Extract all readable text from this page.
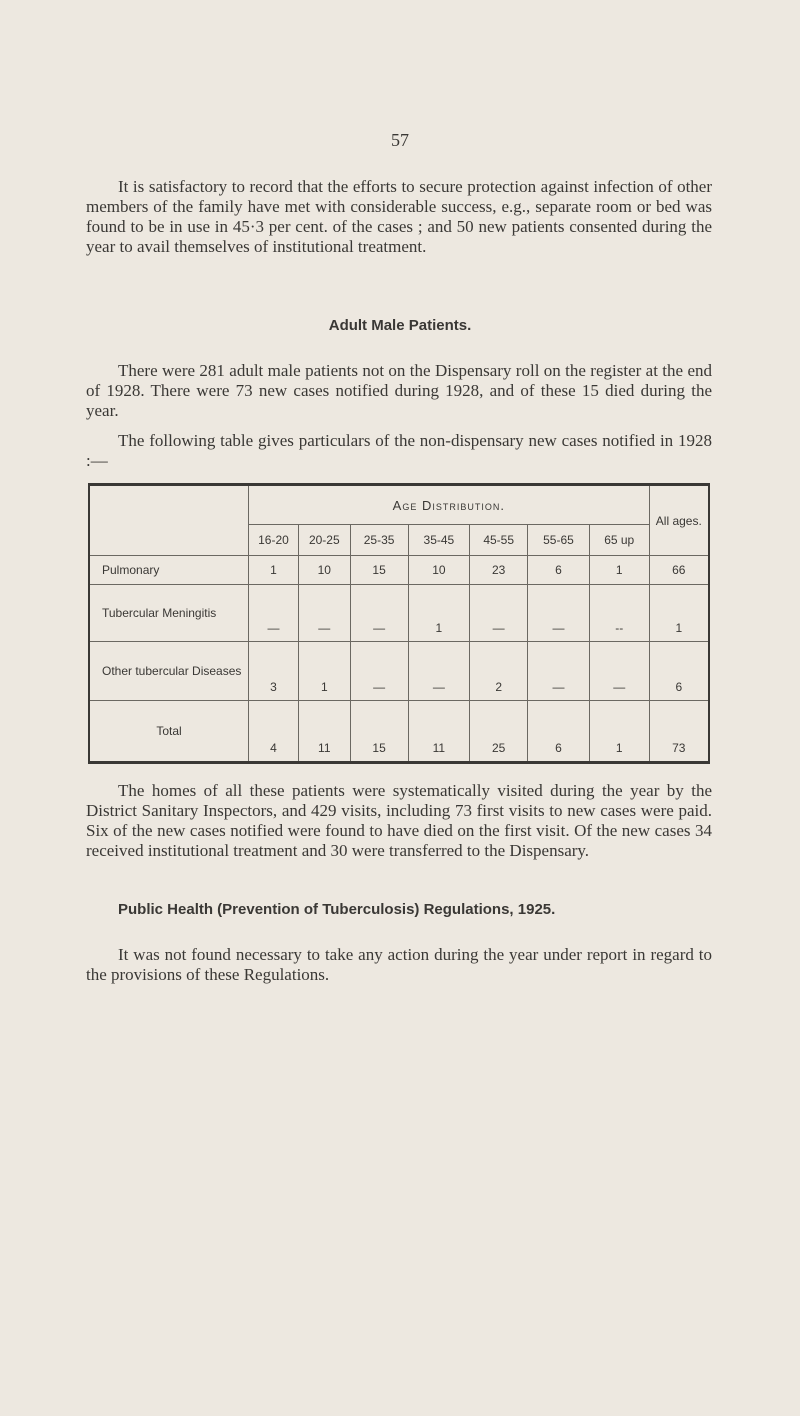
57

It is satisfactory to record that the efforts to secure protection against infection of other members of the family have met with considerable success, e.g., separate room or bed was found to be in use in 45·3 per cent. of the cases ; and 50 new patients consented during the year to avail themselves of institutional treatment.

Adult Male Patients.

There were 281 adult male patients not on the Dispensary roll on the register at the end of 1928. There were 73 new cases notified during 1928, and of these 15 died during the year.

The following table gives particulars of the non-dispensary new cases notified in 1928 :—

	Age Distribution.							All ages.
	16-20	20-25	25-35	35-45	45-55	55-65	65 up	
Pulmonary	1	10	15	10	23	6	1	66
Tubercular Meningitis	—	—	—	1	—	—	--	1
Other tubercular Diseases	3	1	—	—	2	—	—	6
Total	4	11	15	11	25	6	1	73

The homes of all these patients were systematically visited during the year by the District Sanitary Inspectors, and 429 visits, including 73 first visits to new cases were paid. Six of the new cases notified were found to have died on the first visit. Of the new cases 34 received institutional treatment and 30 were transferred to the Dispensary.

Public Health (Prevention of Tuberculosis) Regulations, 1925.

It was not found necessary to take any action during the year under report in regard to the provisions of these Regulations.
